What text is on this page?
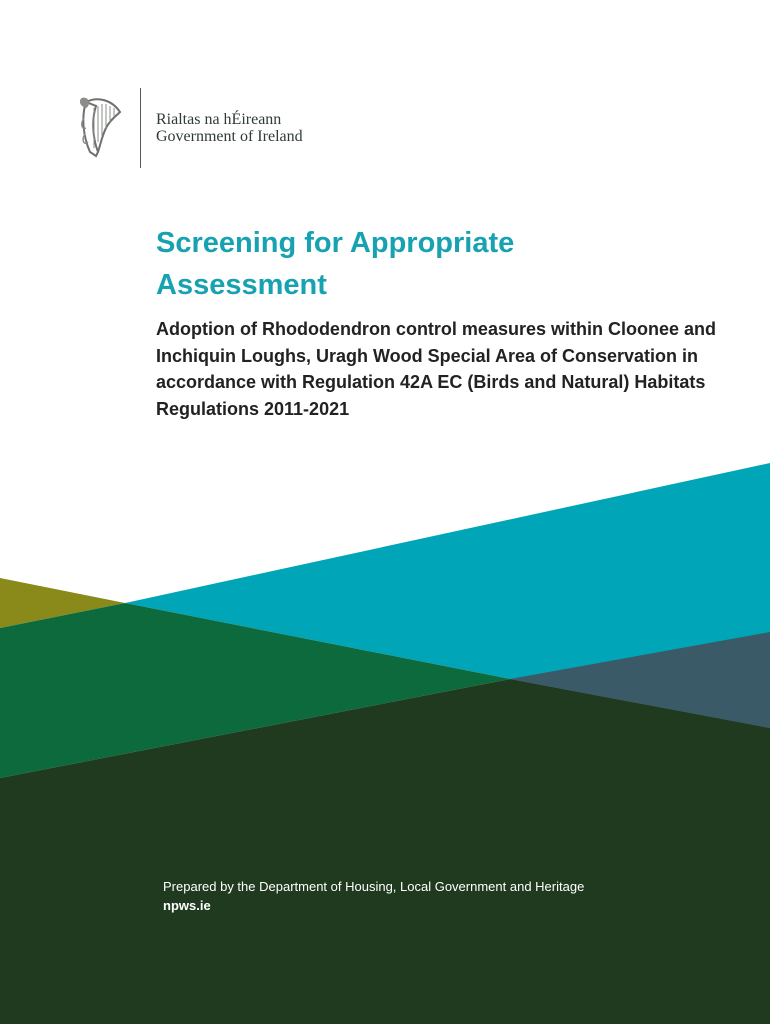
Rialtas na hÉireann
Government of Ireland
Screening for Appropriate Assessment
Adoption of Rhododendron control measures within Cloonee and Inchiquin Loughs, Uragh Wood Special Area of Conservation in accordance with Regulation 42A EC (Birds and Natural) Habitats Regulations 2011-2021
Prepared by the Department of Housing, Local Government and Heritage
npws.ie
